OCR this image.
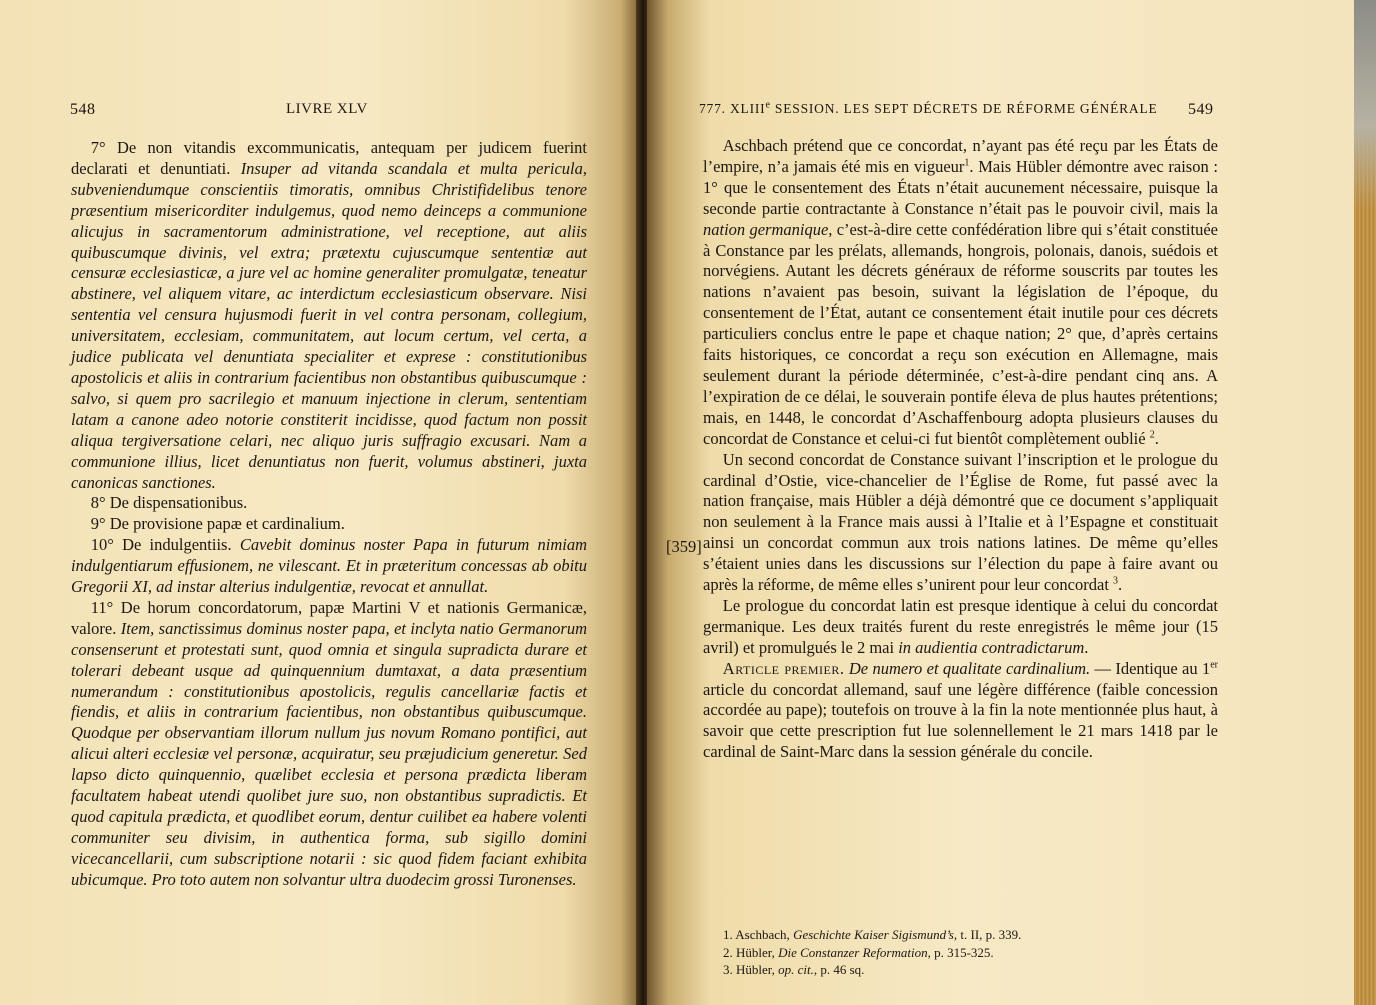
548	LIVRE XLV

7° De non vitandis excommunicatis, antequam per judicem fuerint declarati et denuntiati. Insuper ad vitanda scandala et multa pericula, subveniendumque conscientiis timoratis, omnibus Christifidelibus tenore præsentium misericorditer indulgemus, quod nemo deinceps a communione alicujus in sacramentorum administratione, vel receptione, aut aliis quibuscumque divinis, vel extra; prætextu cujuscumque sententiæ aut censuræ ecclesiasticæ, a jure vel ac homine generaliter promulgatæ, teneatur abstinere, vel aliquem vitare, ac interdictum ecclesiasticum observare. Nisi sententia vel censura hujusmodi fuerit in vel contra personam, collegium, universitatem, ecclesiam, communitatem, aut locum certum, vel certa, a judice publicata vel denuntiata specialiter et exprese : constitutionibus apostolicis et aliis in contrarium facientibus non obstantibus quibuscumque : salvo, si quem pro sacrilegio et manuum injectione in clerum, sententiam latam a canone adeo notorie constiterit incidisse, quod factum non possit aliqua tergiversatione celari, nec aliquo juris suffragio excusari. Nam a communione illius, licet denuntiatus non fuerit, volumus abstineri, juxta canonicas sanctiones.

8° De dispensationibus.

9° De provisione papæ et cardinalium.

10° De indulgentiis. Cavebit dominus noster Papa in futurum nimiam indulgentiarum effusionem, ne vilescant. Et in præteritum concessas ab obitu Gregorii XI, ad instar alterius indulgentiæ, revocat et annullat.

11° De horum concordatorum, papæ Martini V et nationis Germanicæ, valore. Item, sanctissimus dominus noster papa, et inclyta natio Germanorum consenserunt et protestati sunt, quod omnia et singula supradicta durare et tolerari debeant usque ad quinquennium dumtaxat, a data præsentium numerandum : constitutionibus apostolicis, regulis cancellariæ factis et fiendis, et aliis in contrarium facientibus, non obstantibus quibuscumque. Quodque per observantiam illorum nullum jus novum Romano pontifici, aut alicui alteri ecclesiæ vel personæ, acquiratur, seu præjudicium generetur. Sed lapso dicto quinquennio, quælibet ecclesia et persona prædicta liberam facultatem habeat utendi quolibet jure suo, non obstantibus supradictis. Et quod capitula prædicta, et quodlibet eorum, dentur cuilibet ea habere volenti communiter seu divisim, in authentica forma, sub sigillo domini vicecancellarii, cum subscriptione notarii : sic quod fidem faciant exhibita ubicumque. Pro toto autem non solvantur ultra duodecim grossi Turonenses.

777. XLIIIe SESSION. LES SEPT DÉCRETS DE RÉFORME GÉNÉRALE 549
[359]

Aschbach prétend que ce concordat, n’ayant pas été reçu par les États de l’empire, n’a jamais été mis en vigueur$^1$. Mais Hübler démontre avec raison : 1° que le consentement des États n’était aucunement nécessaire, puisque la seconde partie contractante à Constance n’était pas le pouvoir civil, mais la nation germanique, c’est-à-dire cette confédération libre qui s’était constituée à Constance par les prélats, allemands, hongrois, polonais, danois, suédois et norvégiens. Autant les décrets généraux de réforme souscrits par toutes les nations n’avaient pas besoin, suivant la législation de l’époque, du consentement de l’État, autant ce consentement était inutile pour ces décrets particuliers conclus entre le pape et chaque nation; 2° que, d’après certains faits historiques, ce concordat a reçu son exécution en Allemagne, mais seulement durant la période déterminée, c’est-à-dire pendant cinq ans. A l’expiration de ce délai, le souverain pontife éleva de plus hautes prétentions; mais, en 1448, le concordat d’Aschaffenbourg adopta plusieurs clauses du concordat de Constance et celui-ci fut bientôt complètement oublié $^2$.

Un second concordat de Constance suivant l’inscription et le prologue du cardinal d’Ostie, vice-chancelier de l’Église de Rome, fut passé avec la nation française, mais Hübler a déjà démontré que ce document s’appliquait non seulement à la France mais aussi à l’Italie et à l’Espagne et constituait ainsi un concordat commun aux trois nations latines. De même qu’elles s’étaient unies dans les discussions sur l’élection du pape à faire avant ou après la réforme, de même elles s’unirent pour leur concordat $^3$.

Le prologue du concordat latin est presque identique à celui du concordat germanique. Les deux traités furent du reste enregistrés le même jour (15 avril) et promulgués le 2 mai in audientia contradictarum.

Article premier. De numero et qualitate cardinalium. — Identique au 1er article du concordat allemand, sauf une légère différence (faible concession accordée au pape); toutefois on trouve à la fin la note mentionnée plus haut, à savoir que cette prescription fut lue solennellement le 21 mars 1418 par le cardinal de Saint-Marc dans la session générale du concile.

1. Aschbach, Geschichte Kaiser Sigismund’s, t. II, p. 339.
2. Hübler, Die Constanzer Reformation, p. 315-325.
3. Hübler, op. cit., p. 46 sq.
